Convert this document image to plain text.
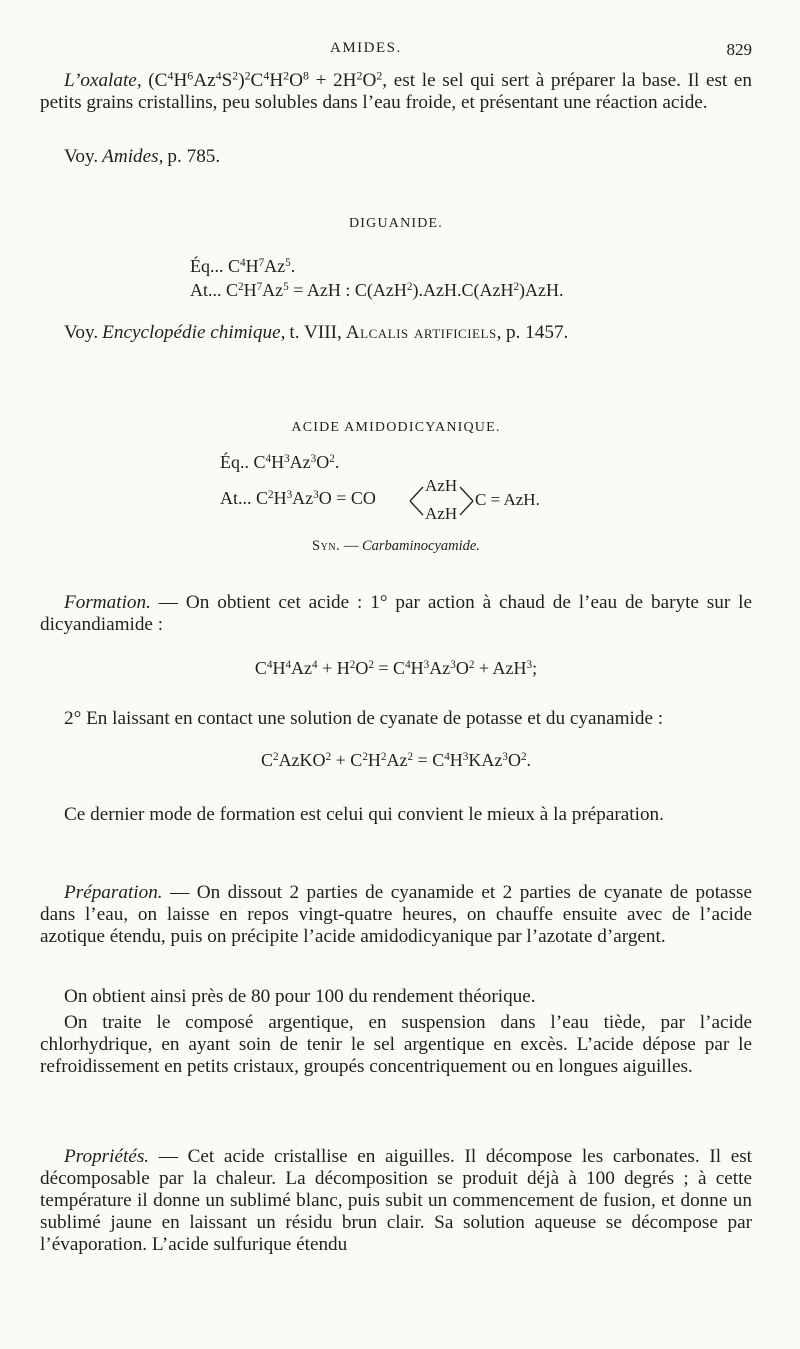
AMIDES.	829

L’oxalate, $(C^4H^6Az^4S^2)^2C^4H^2O^8 + 2H^2O^2$, est le sel qui sert à préparer la base. Il est en petits grains cristallins, peu solubles dans l’eau froide, et présentant une réaction acide.

Voy. Amides, p. 785.
DIGUANIDE.
Éq... $C^4H^7Az^5$.
At... $C^2H^7Az^5$ = AzH : C(AzH$^2$).AzH.C(AzH$^2$)AzH.
Voy. Encyclopédie chimique, t. VIII, Alcalis artificiels, p. 1457.
ACIDE AMIDODICYANIQUE.
Éq.. $C^4H^3Az^3O^2$.
At... $C^2H^3Az^3O$ = CO
AzH
AzH
C = AzH.
Syn. — Carbaminocyamide.

Formation. — On obtient cet acide : 1° par action à chaud de l’eau de baryte sur le dicyandiamide :

$C^4H^4Az^4 + H^2O^2 = C^4H^3Az^3O^2 + AzH^3$;

2° En laissant en contact une solution de cyanate de potasse et du cyanamide :

$C^2AzKO^2 + C^2H^2Az^2 = C^4H^3KAz^3O^2$.

Ce dernier mode de formation est celui qui convient le mieux à la préparation.

Préparation. — On dissout 2 parties de cyanamide et 2 parties de cyanate de potasse dans l’eau, on laisse en repos vingt-quatre heures, on chauffe ensuite avec de l’acide azotique étendu, puis on précipite l’acide amidodicyanique par l’azotate d’argent.

On obtient ainsi près de 80 pour 100 du rendement théorique.

On traite le composé argentique, en suspension dans l’eau tiède, par l’acide chlorhydrique, en ayant soin de tenir le sel argentique en excès. L’acide dépose par le refroidissement en petits cristaux, groupés concentriquement ou en longues aiguilles.

Propriétés. — Cet acide cristallise en aiguilles. Il décompose les carbonates. Il est décomposable par la chaleur. La décomposition se produit déjà à 100 degrés ; à cette température il donne un sublimé blanc, puis subit un commencement de fusion, et donne un sublimé jaune en laissant un résidu brun clair. Sa solution aqueuse se décompose par l’évaporation. L’acide sulfurique étendu
